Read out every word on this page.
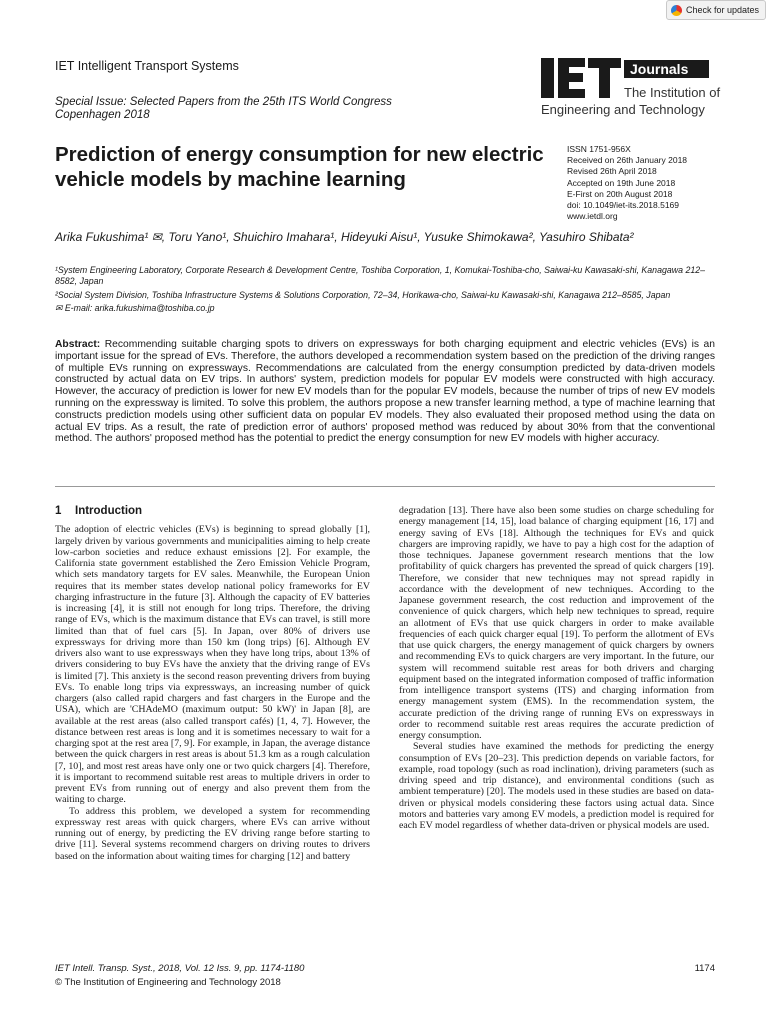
Check for updates
IET Intelligent Transport Systems
Special Issue: Selected Papers from the 25th ITS World Congress
Copenhagen 2018
Journals
The Institution of
Engineering and Technology
Prediction of energy consumption for new electric vehicle models by machine learning
ISSN 1751-956X
Received on 26th January 2018
Revised 26th April 2018
Accepted on 19th June 2018
E-First on 20th August 2018
doi: 10.1049/iet-its.2018.5169
www.ietdl.org
Arika Fukushima¹ ✉, Toru Yano¹, Shuichiro Imahara¹, Hideyuki Aisu¹, Yusuke Shimokawa², Yasuhiro Shibata²

¹System Engineering Laboratory, Corporate Research & Development Centre, Toshiba Corporation, 1, Komukai-Toshiba-cho, Saiwai-ku Kawasaki-shi, Kanagawa 212–8582, Japan

²Social System Division, Toshiba Infrastructure Systems & Solutions Corporation, 72–34, Horikawa-cho, Saiwai-ku Kawasaki-shi, Kanagawa 212–8585, Japan

✉ E-mail: arika.fukushima@toshiba.co.jp

Abstract: Recommending suitable charging spots to drivers on expressways for both charging equipment and electric vehicles (EVs) is an important issue for the spread of EVs. Therefore, the authors developed a recommendation system based on the prediction of the driving ranges of multiple EVs running on expressways. Recommendations are calculated from the energy consumption predicted by data-driven models constructed by actual data on EV trips. In authors' system, prediction models for popular EV models were constructed with high accuracy. However, the accuracy of prediction is lower for new EV models than for the popular EV models, because the number of trips of new EV models running on the expressway is limited. To solve this problem, the authors propose a new transfer learning method, a type of machine learning that constructs prediction models using other sufficient data on popular EV models. They also evaluated their proposed method using the data on actual EV trips. As a result, the rate of prediction error of authors' proposed method was reduced by about 30% from that the conventional method. The authors' proposed method has the potential to predict the energy consumption for new EV models with higher accuracy.

1 Introduction

The adoption of electric vehicles (EVs) is beginning to spread globally [1], largely driven by various governments and municipalities aiming to help create low-carbon societies and reduce exhaust emissions [2]. For example, the California state government established the Zero Emission Vehicle Program, which sets mandatory targets for EV sales. Meanwhile, the European Union requires that its member states develop national policy frameworks for EV charging infrastructure in the future [3]. Although the capacity of EV batteries is increasing [4], it is still not enough for long trips. Therefore, the driving range of EVs, which is the maximum distance that EVs can travel, is still more limited than that of fuel cars [5]. In Japan, over 80% of drivers use expressways for driving more than 150 km (long trips) [6]. Although EV drivers also want to use expressways when they have long trips, about 13% of drivers considering to buy EVs have the anxiety that the driving range of EVs is limited [7]. This anxiety is the second reason preventing drivers from buying EVs. To enable long trips via expressways, an increasing number of quick chargers (also called rapid chargers and fast chargers in the Europe and the USA), which are 'CHAdeMO (maximum output: 50 kW)' in Japan [8], are available at the rest areas (also called transport cafés) [1, 4, 7]. However, the distance between rest areas is long and it is sometimes necessary to wait for a charging spot at the rest area [7, 9]. For example, in Japan, the average distance between the quick chargers in rest areas is about 51.3 km as a rough calculation [7, 10], and most rest areas have only one or two quick chargers [4]. Therefore, it is important to recommend suitable rest areas to multiple drivers in order to prevent EVs from running out of energy and also prevent them from the waiting to charge.

To address this problem, we developed a system for recommending expressway rest areas with quick chargers, where EVs can arrive without running out of energy, by predicting the EV driving range before starting to drive [11]. Several systems recommend chargers on driving routes to drivers based on the information about waiting times for charging [12] and battery

degradation [13]. There have also been some studies on charge scheduling for energy management [14, 15], load balance of charging equipment [16, 17] and energy saving of EVs [18]. Although the techniques for EVs and quick chargers are improving rapidly, we have to pay a high cost for the adaption of those techniques. Japanese government research mentions that the low profitability of quick chargers has prevented the spread of quick chargers [19]. Therefore, we consider that new techniques may not spread rapidly in accordance with the development of new techniques. According to the Japanese government research, the cost reduction and improvement of the convenience of quick chargers, which help new techniques to spread, require an allotment of EVs that use quick chargers in order to make available frequencies of each quick charger equal [19]. To perform the allotment of EVs that use quick chargers, the energy management of quick chargers by owners and recommending EVs to quick chargers are very important. In the future, our system will recommend suitable rest areas for both drivers and charging equipment based on the integrated information composed of traffic information from intelligence transport systems (ITS) and charging information from energy management system (EMS). In the recommendation system, the accurate prediction of the driving range of running EVs on expressways in order to recommend suitable rest areas requires the accurate prediction of energy consumption.

Several studies have examined the methods for predicting the energy consumption of EVs [20–23]. This prediction depends on variable factors, for example, road topology (such as road inclination), driving parameters (such as driving speed and trip distance), and environmental conditions (such as ambient temperature) [20]. The models used in these studies are based on data-driven or physical models considering these factors using actual data. Since motors and batteries vary among EV models, a prediction model is required for each EV model regardless of whether data-driven or physical models are used.

IET Intell. Transp. Syst., 2018, Vol. 12 Iss. 9, pp. 1174-1180
© The Institution of Engineering and Technology 2018
1174
